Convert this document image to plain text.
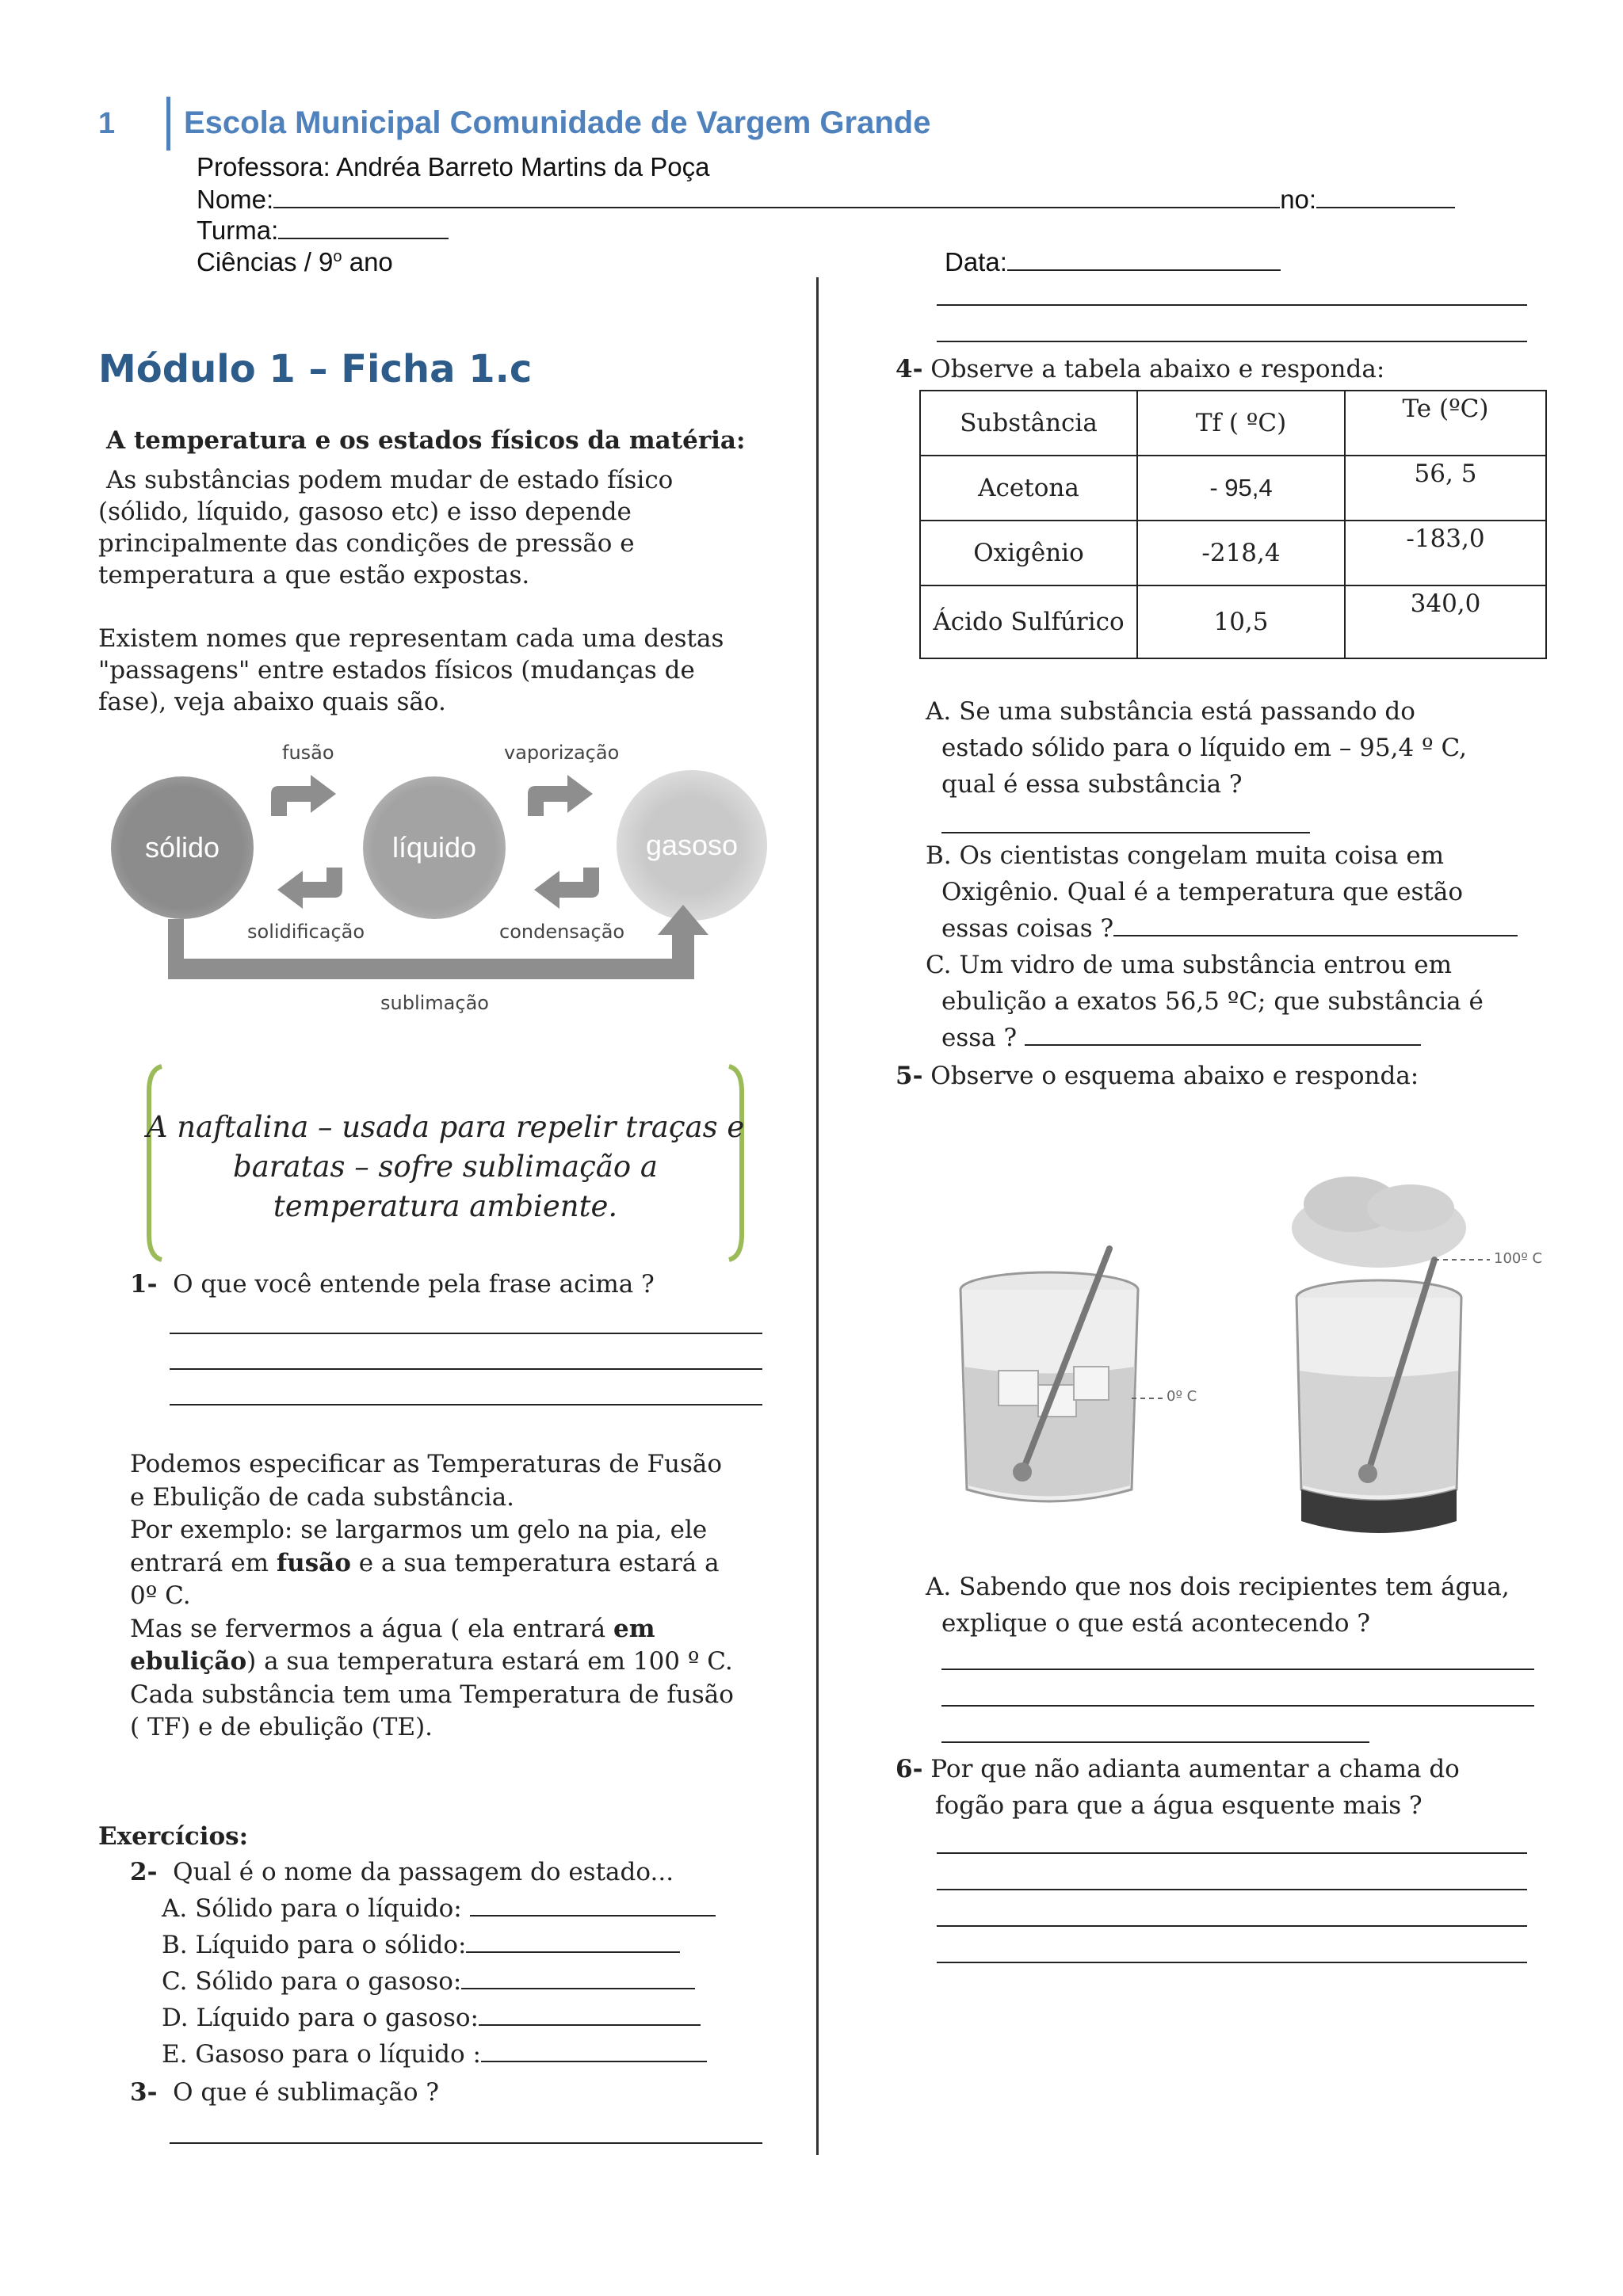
1 Escola Municipal Comunidade de Vargem Grande
Professora: Andréa Barreto Martins da Poça
Nome:	no:
Turma:
Ciências / 9$^o$ ano	Data:
Módulo 1 – Ficha 1.c
A temperatura e os estados físicos da matéria:
As substâncias podem mudar de estado físico
(sólido, líquido, gasoso etc) e isso depende
principalmente das condições de pressão e
temperatura a que estão expostas.
Existem nomes que representam cada uma destas
"passagens" entre estados físicos (mudanças de
fase), veja abaixo quais são.
sólido	líquido	gasoso
fusão	vaporização
solidificação	condensação
sublimação
A naftalina – usada para repelir traças e
baratas – sofre sublimação a
temperatura ambiente.
1- O que você entende pela frase acima ?
Podemos especificar as Temperaturas de Fusão
e Ebulição de cada substância.
Por exemplo: se largarmos um gelo na pia, ele
entrará em fusão e a sua temperatura estará a
0º C.
Mas se fervermos a água ( ela entrará em
ebulição) a sua temperatura estará em 100 º C.
Cada substância tem uma Temperatura de fusão
( TF) e de ebulição (TE).
Exercícios:
2- Qual é o nome da passagem do estado...
A. Sólido para o líquido:
B. Líquido para o sólido:
C. Sólido para o gasoso:
D. Líquido para o gasoso:
E. Gasoso para o líquido :
3- O que é sublimação ?
4- Observe a tabela abaixo e responda:
Substância	Tf ( ºC)	Te (ºC)
Acetona	- 95,4	56, 5
Oxigênio	-218,4	-183,0
Ácido Sulfúrico	10,5	340,0
A. Se uma substância está passando do
estado sólido para o líquido em – 95,4 º C,
qual é essa substância ?
B. Os cientistas congelam muita coisa em
Oxigênio. Qual é a temperatura que estão
essas coisas ?
C. Um vidro de uma substância entrou em
ebulição a exatos 56,5 ºC; que substância é
essa ?
5- Observe o esquema abaixo e responda:
0º C
100º C
A. Sabendo que nos dois recipientes tem água,
explique o que está acontecendo ?
6- Por que não adianta aumentar a chama do
fogão para que a água esquente mais ?
